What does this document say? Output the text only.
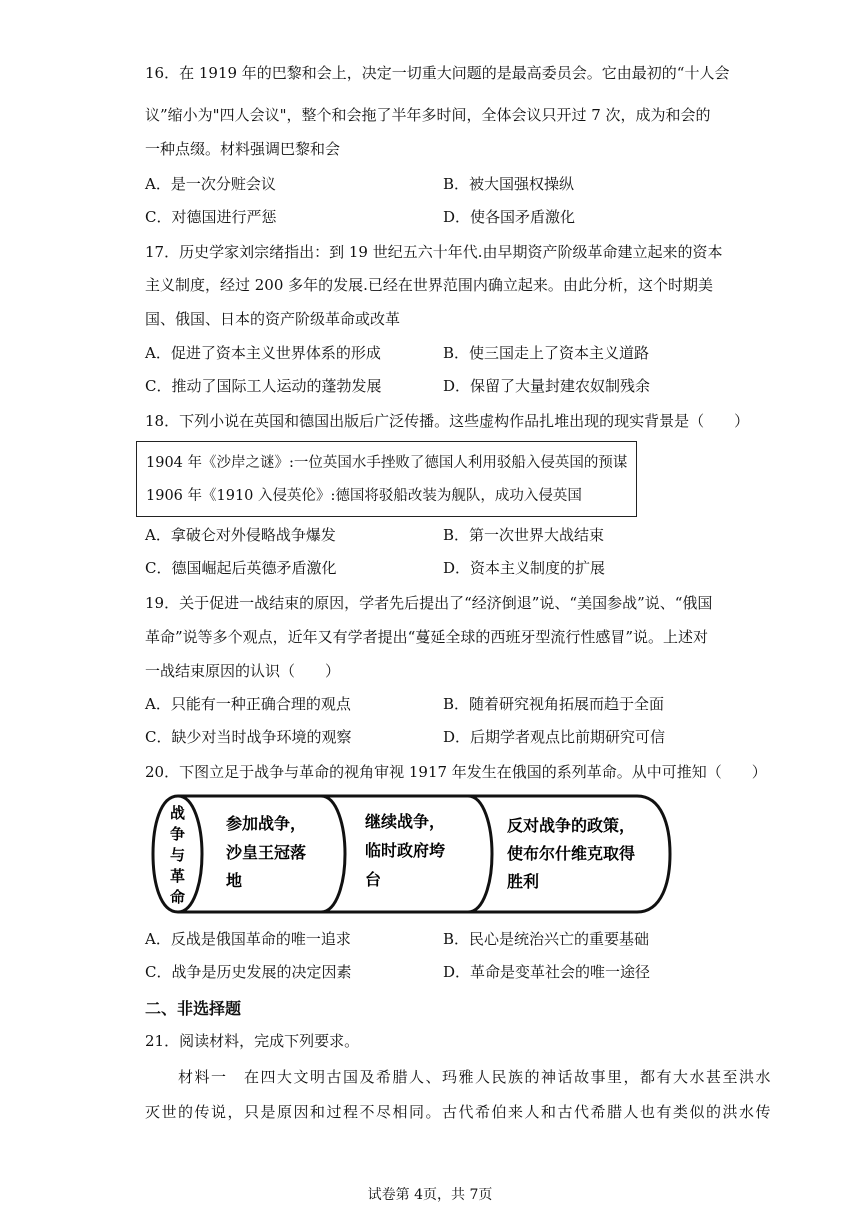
16．在 1919 年的巴黎和会上，决定一切重大问题的是最高委员会。它由最初的“十人会
议”缩小为"四人会议"，整个和会拖了半年多时间，全体会议只开过 7 次，成为和会的
一种点缀。材料强调巴黎和会
A．是一次分赃会议	B．被大国强权操纵
C．对德国进行严惩	D．使各国矛盾激化
17．历史学家刘宗绪指出：到 19 世纪五六十年代.由早期资产阶级革命建立起来的资本
主义制度，经过 200 多年的发展.已经在世界范围内确立起来。由此分析，这个时期美
国、俄国、日本的资产阶级革命或改革
A．促进了资本主义世界体系的形成	B．使三国走上了资本主义道路
C．推动了国际工人运动的蓬勃发展	D．保留了大量封建农奴制残余
18．下列小说在英国和德国出版后广泛传播。这些虚构作品扎堆出现的现实背景是（　　）
1904 年《沙岸之谜》:一位英国水手挫败了德国人利用驳船入侵英国的预谋
1906 年《1910 入侵英伦》:德国将驳船改装为舰队，成功入侵英国
A．拿破仑对外侵略战争爆发	B．第一次世界大战结束
C．德国崛起后英德矛盾激化	D．资本主义制度的扩展
19．关于促进一战结束的原因，学者先后提出了“经济倒退”说、“美国参战”说、“俄国
革命”说等多个观点，近年又有学者提出“蔓延全球的西班牙型流行性感冒”说。上述对
一战结束原因的认识（　　）
A．只能有一种正确合理的观点	B．随着研究视角拓展而趋于全面
C．缺少对当时战争环境的观察	D．后期学者观点比前期研究可信
20．下图立足于战争与革命的视角审视 1917 年发生在俄国的系列革命。从中可推知（　　）
战
争
与
革
命
参加战争，
沙皇王冠落
地
继续战争，
临时政府垮
台
反对战争的政策，
使布尔什维克取得
胜利
A．反战是俄国革命的唯一追求	B．民心是统治兴亡的重要基础
C．战争是历史发展的决定因素	D．革命是变革社会的唯一途径
二、非选择题
21．阅读材料，完成下列要求。
　　材料一　在四大文明古国及希腊人、玛雅人民族的神话故事里，都有大水甚至洪水
灭世的传说，只是原因和过程不尽相同。古代希伯来人和古代希腊人也有类似的洪水传
试卷第 4页，共 7页
